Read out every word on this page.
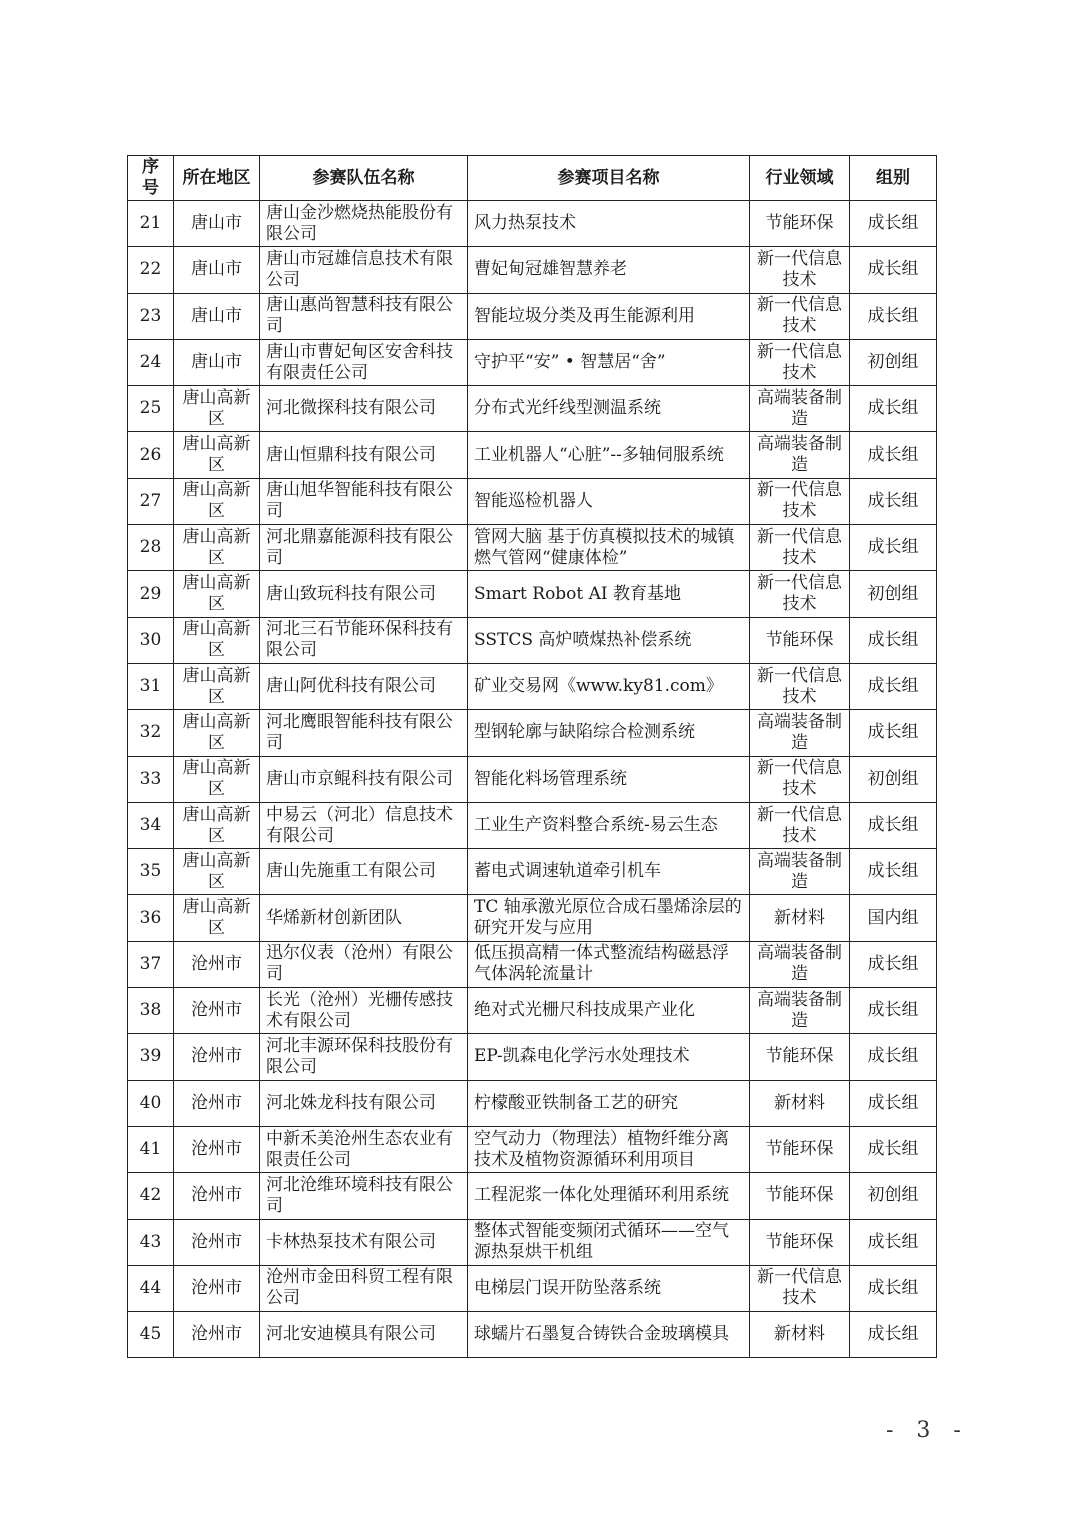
序号	所在地区	参赛队伍名称	参赛项目名称	行业领域	组别
21	唐山市	唐山金沙燃烧热能股份有限公司	风力热泵技术	节能环保	成长组
22	唐山市	唐山市冠雄信息技术有限公司	曹妃甸冠雄智慧养老	新一代信息技术	成长组
23	唐山市	唐山惠尚智慧科技有限公司	智能垃圾分类及再生能源利用	新一代信息技术	成长组
24	唐山市	唐山市曹妃甸区安舍科技有限责任公司	守护平“安” • 智慧居“舍”	新一代信息技术	初创组
25	唐山高新区	河北微探科技有限公司	分布式光纤线型测温系统	高端装备制造	成长组
26	唐山高新区	唐山恒鼎科技有限公司	工业机器人“心脏”--多轴伺服系统	高端装备制造	成长组
27	唐山高新区	唐山旭华智能科技有限公司	智能巡检机器人	新一代信息技术	成长组
28	唐山高新区	河北鼎嘉能源科技有限公司	管网大脑 基于仿真模拟技术的城镇燃气管网“健康体检”	新一代信息技术	成长组
29	唐山高新区	唐山致玩科技有限公司	Smart Robot AI 教育基地	新一代信息技术	初创组
30	唐山高新区	河北三石节能环保科技有限公司	SSTCS 高炉喷煤热补偿系统	节能环保	成长组
31	唐山高新区	唐山阿优科技有限公司	矿业交易网《www.ky81.com》	新一代信息技术	成长组
32	唐山高新区	河北鹰眼智能科技有限公司	型钢轮廓与缺陷综合检测系统	高端装备制造	成长组
33	唐山高新区	唐山市京鲲科技有限公司	智能化料场管理系统	新一代信息技术	初创组
34	唐山高新区	中易云（河北）信息技术有限公司	工业生产资料整合系统-易云生态	新一代信息技术	成长组
35	唐山高新区	唐山先施重工有限公司	蓄电式调速轨道牵引机车	高端装备制造	成长组
36	唐山高新区	华烯新材创新团队	TC 轴承激光原位合成石墨烯涂层的研究开发与应用	新材料	国内组
37	沧州市	迅尔仪表（沧州）有限公司	低压损高精一体式整流结构磁悬浮气体涡轮流量计	高端装备制造	成长组
38	沧州市	长光（沧州）光栅传感技术有限公司	绝对式光栅尺科技成果产业化	高端装备制造	成长组
39	沧州市	河北丰源环保科技股份有限公司	EP-凯森电化学污水处理技术	节能环保	成长组
40	沧州市	河北姝龙科技有限公司	柠檬酸亚铁制备工艺的研究	新材料	成长组
41	沧州市	中新禾美沧州生态农业有限责任公司	空气动力（物理法）植物纤维分离技术及植物资源循环利用项目	节能环保	成长组
42	沧州市	河北沧维环境科技有限公司	工程泥浆一体化处理循环利用系统	节能环保	初创组
43	沧州市	卡林热泵技术有限公司	整体式智能变频闭式循环——空气源热泵烘干机组	节能环保	成长组
44	沧州市	沧州市金田科贸工程有限公司	电梯层门误开防坠落系统	新一代信息技术	成长组
45	沧州市	河北安迪模具有限公司	球蠕片石墨复合铸铁合金玻璃模具	新材料	成长组
- 3 -
